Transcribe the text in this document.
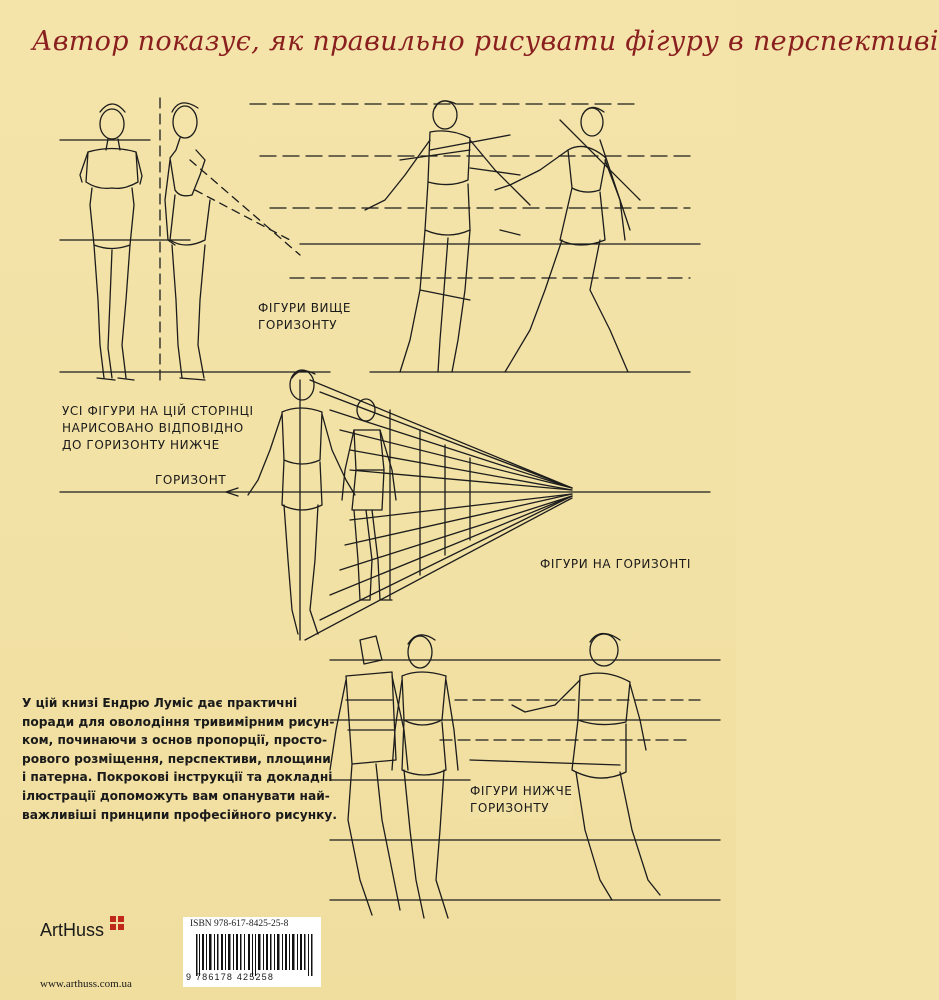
Автор показує, як правильно рисувати фігуру в перспективі
ФІГУРИ ВИЩЕ
ГОРИЗОНТУ
УСІ ФІГУРИ НА ЦІЙ СТОРІНЦІ
НАРИСОВАНО ВІДПОВІДНО
ДО ГОРИЗОНТУ НИЖЧЕ
ГОРИЗОНТ
ФІГУРИ НА ГОРИЗОНТІ
ФІГУРИ НИЖЧЕ
ГОРИЗОНТУ
У цій книзі Ендрю Луміс дає практичні
поради для оволодіння тривимірним рисун-
ком, починаючи з основ пропорції, простo-
рового розміщення, перспективи, площини
і патерна. Покрокові інструкції та докладні
ілюстрації допоможуть вам опанувати най-
важливіші принципи професійного рисунку.
ArtHuss	ISBN 978-617-8425-25-8
9 786178 425258
www.arthuss.com.ua
